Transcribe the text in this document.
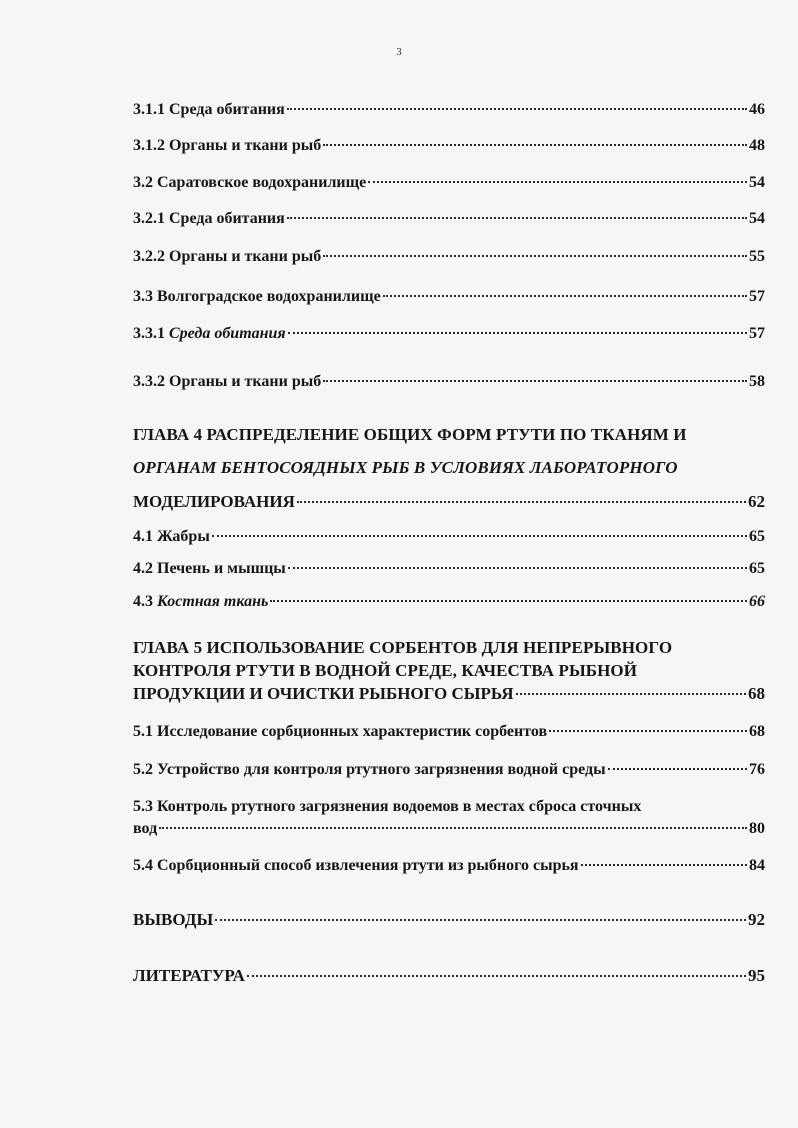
3
3.1.1 Среда обитания	46
3.1.2 Органы и ткани рыб	48
3.2 Саратовское водохранилище	54
3.2.1 Среда обитания	54
3.2.2 Органы и ткани рыб	55
3.3 Волгоградское водохранилище	57
3.3.1 Среда обитания	57
3.3.2 Органы и ткани рыб	58
ГЛАВА 4 РАСПРЕДЕЛЕНИЕ ОБЩИХ ФОРМ РТУТИ ПО ТКАНЯМ И
ОРГАНАМ БЕНТОСОЯДНЫХ РЫБ В УСЛОВИЯХ ЛАБОРАТОРНОГО
МОДЕЛИРОВАНИЯ	62
4.1 Жабры	65
4.2 Печень и мышцы	65
4.3 Костная ткань	66
ГЛАВА 5 ИСПОЛЬЗОВАНИЕ СОРБЕНТОВ ДЛЯ НЕПРЕРЫВНОГО
КОНТРОЛЯ РТУТИ В ВОДНОЙ СРЕДЕ, КАЧЕСТВА РЫБНОЙ
ПРОДУКЦИИ И ОЧИСТКИ РЫБНОГО СЫРЬЯ	68
5.1 Исследование сорбционных характеристик сорбентов	68
5.2 Устройство для контроля ртутного загрязнения водной среды	76
5.3 Контроль ртутного загрязнения водоемов в местах сброса сточных
вод	80
5.4 Сорбционный способ извлечения ртути из рыбного сырья	84
ВЫВОДЫ	92
ЛИТЕРАТУРА	95
